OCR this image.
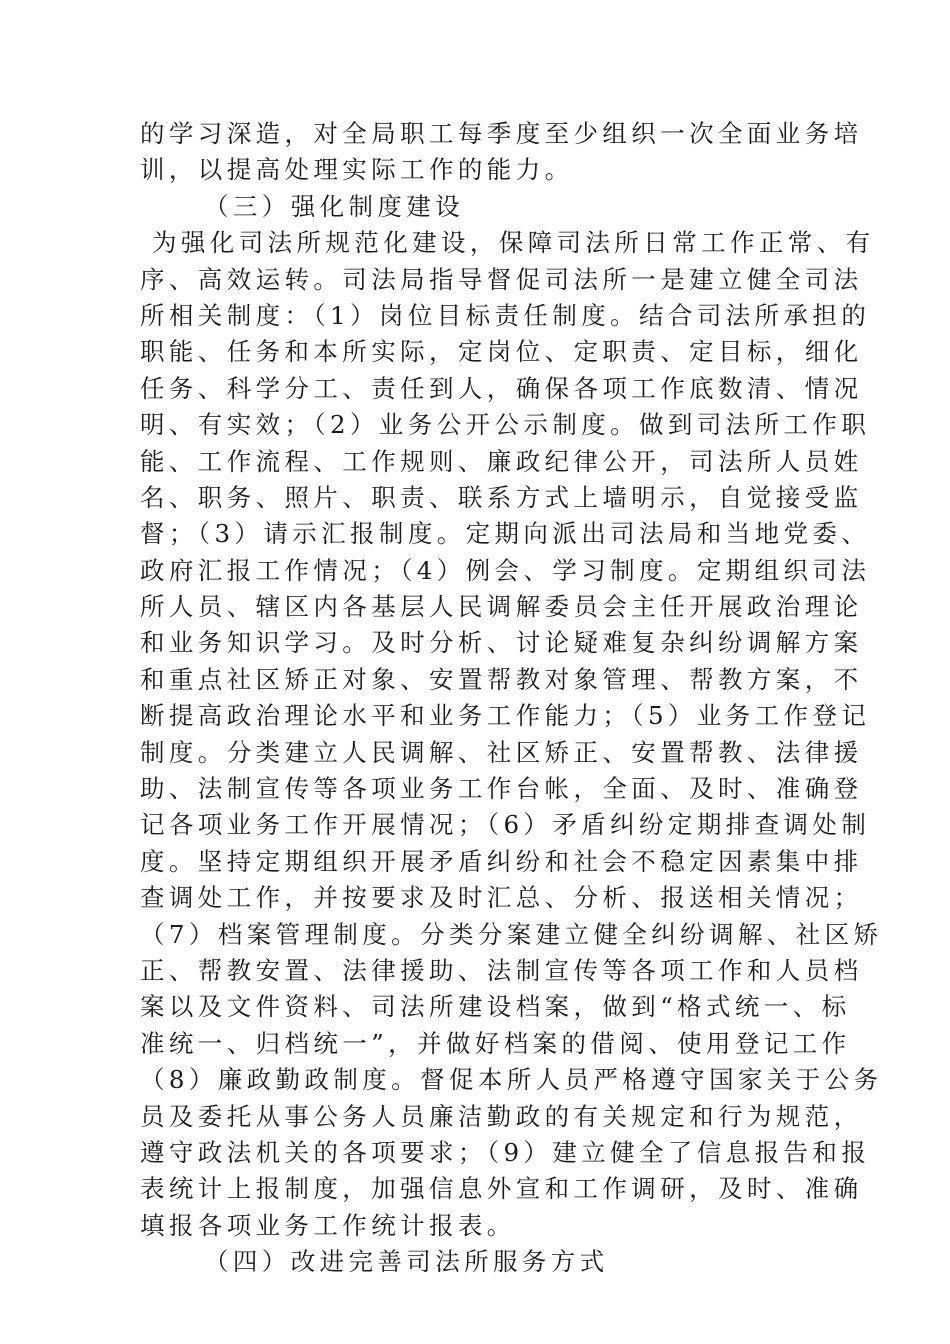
的学习深造，对全局职工每季度至少组织一次全面业务培
训，以提高处理实际工作的能力。
（三）强化制度建设
为强化司法所规范化建设，保障司法所日常工作正常、有
序、高效运转。司法局指导督促司法所一是建立健全司法
所相关制度：（1）岗位目标责任制度。结合司法所承担的
职能、任务和本所实际，定岗位、定职责、定目标，细化
任务、科学分工、责任到人，确保各项工作底数清、情况
明、有实效；（2）业务公开公示制度。做到司法所工作职
能、工作流程、工作规则、廉政纪律公开，司法所人员姓
名、职务、照片、职责、联系方式上墙明示，自觉接受监
督；（3）请示汇报制度。定期向派出司法局和当地党委、
政府汇报工作情况；（4）例会、学习制度。定期组织司法
所人员、辖区内各基层人民调解委员会主任开展政治理论
和业务知识学习。及时分析、讨论疑难复杂纠纷调解方案
和重点社区矫正对象、安置帮教对象管理、帮教方案，不
断提高政治理论水平和业务工作能力；（5）业务工作登记
制度。分类建立人民调解、社区矫正、安置帮教、法律援
助、法制宣传等各项业务工作台帐，全面、及时、准确登
记各项业务工作开展情况；（6）矛盾纠纷定期排查调处制
度。坚持定期组织开展矛盾纠纷和社会不稳定因素集中排
查调处工作，并按要求及时汇总、分析、报送相关情况；
（7）档案管理制度。分类分案建立健全纠纷调解、社区矫
正、帮教安置、法律援助、法制宣传等各项工作和人员档
案以及文件资料、司法所建设档案，做到“格式统一、标
准统一、归档统一”，并做好档案的借阅、使用登记工作
（8）廉政勤政制度。督促本所人员严格遵守国家关于公务
员及委托从事公务人员廉洁勤政的有关规定和行为规范，
遵守政法机关的各项要求；（9）建立健全了信息报告和报
表统计上报制度，加强信息外宣和工作调研，及时、准确
填报各项业务工作统计报表。
（四）改进完善司法所服务方式
